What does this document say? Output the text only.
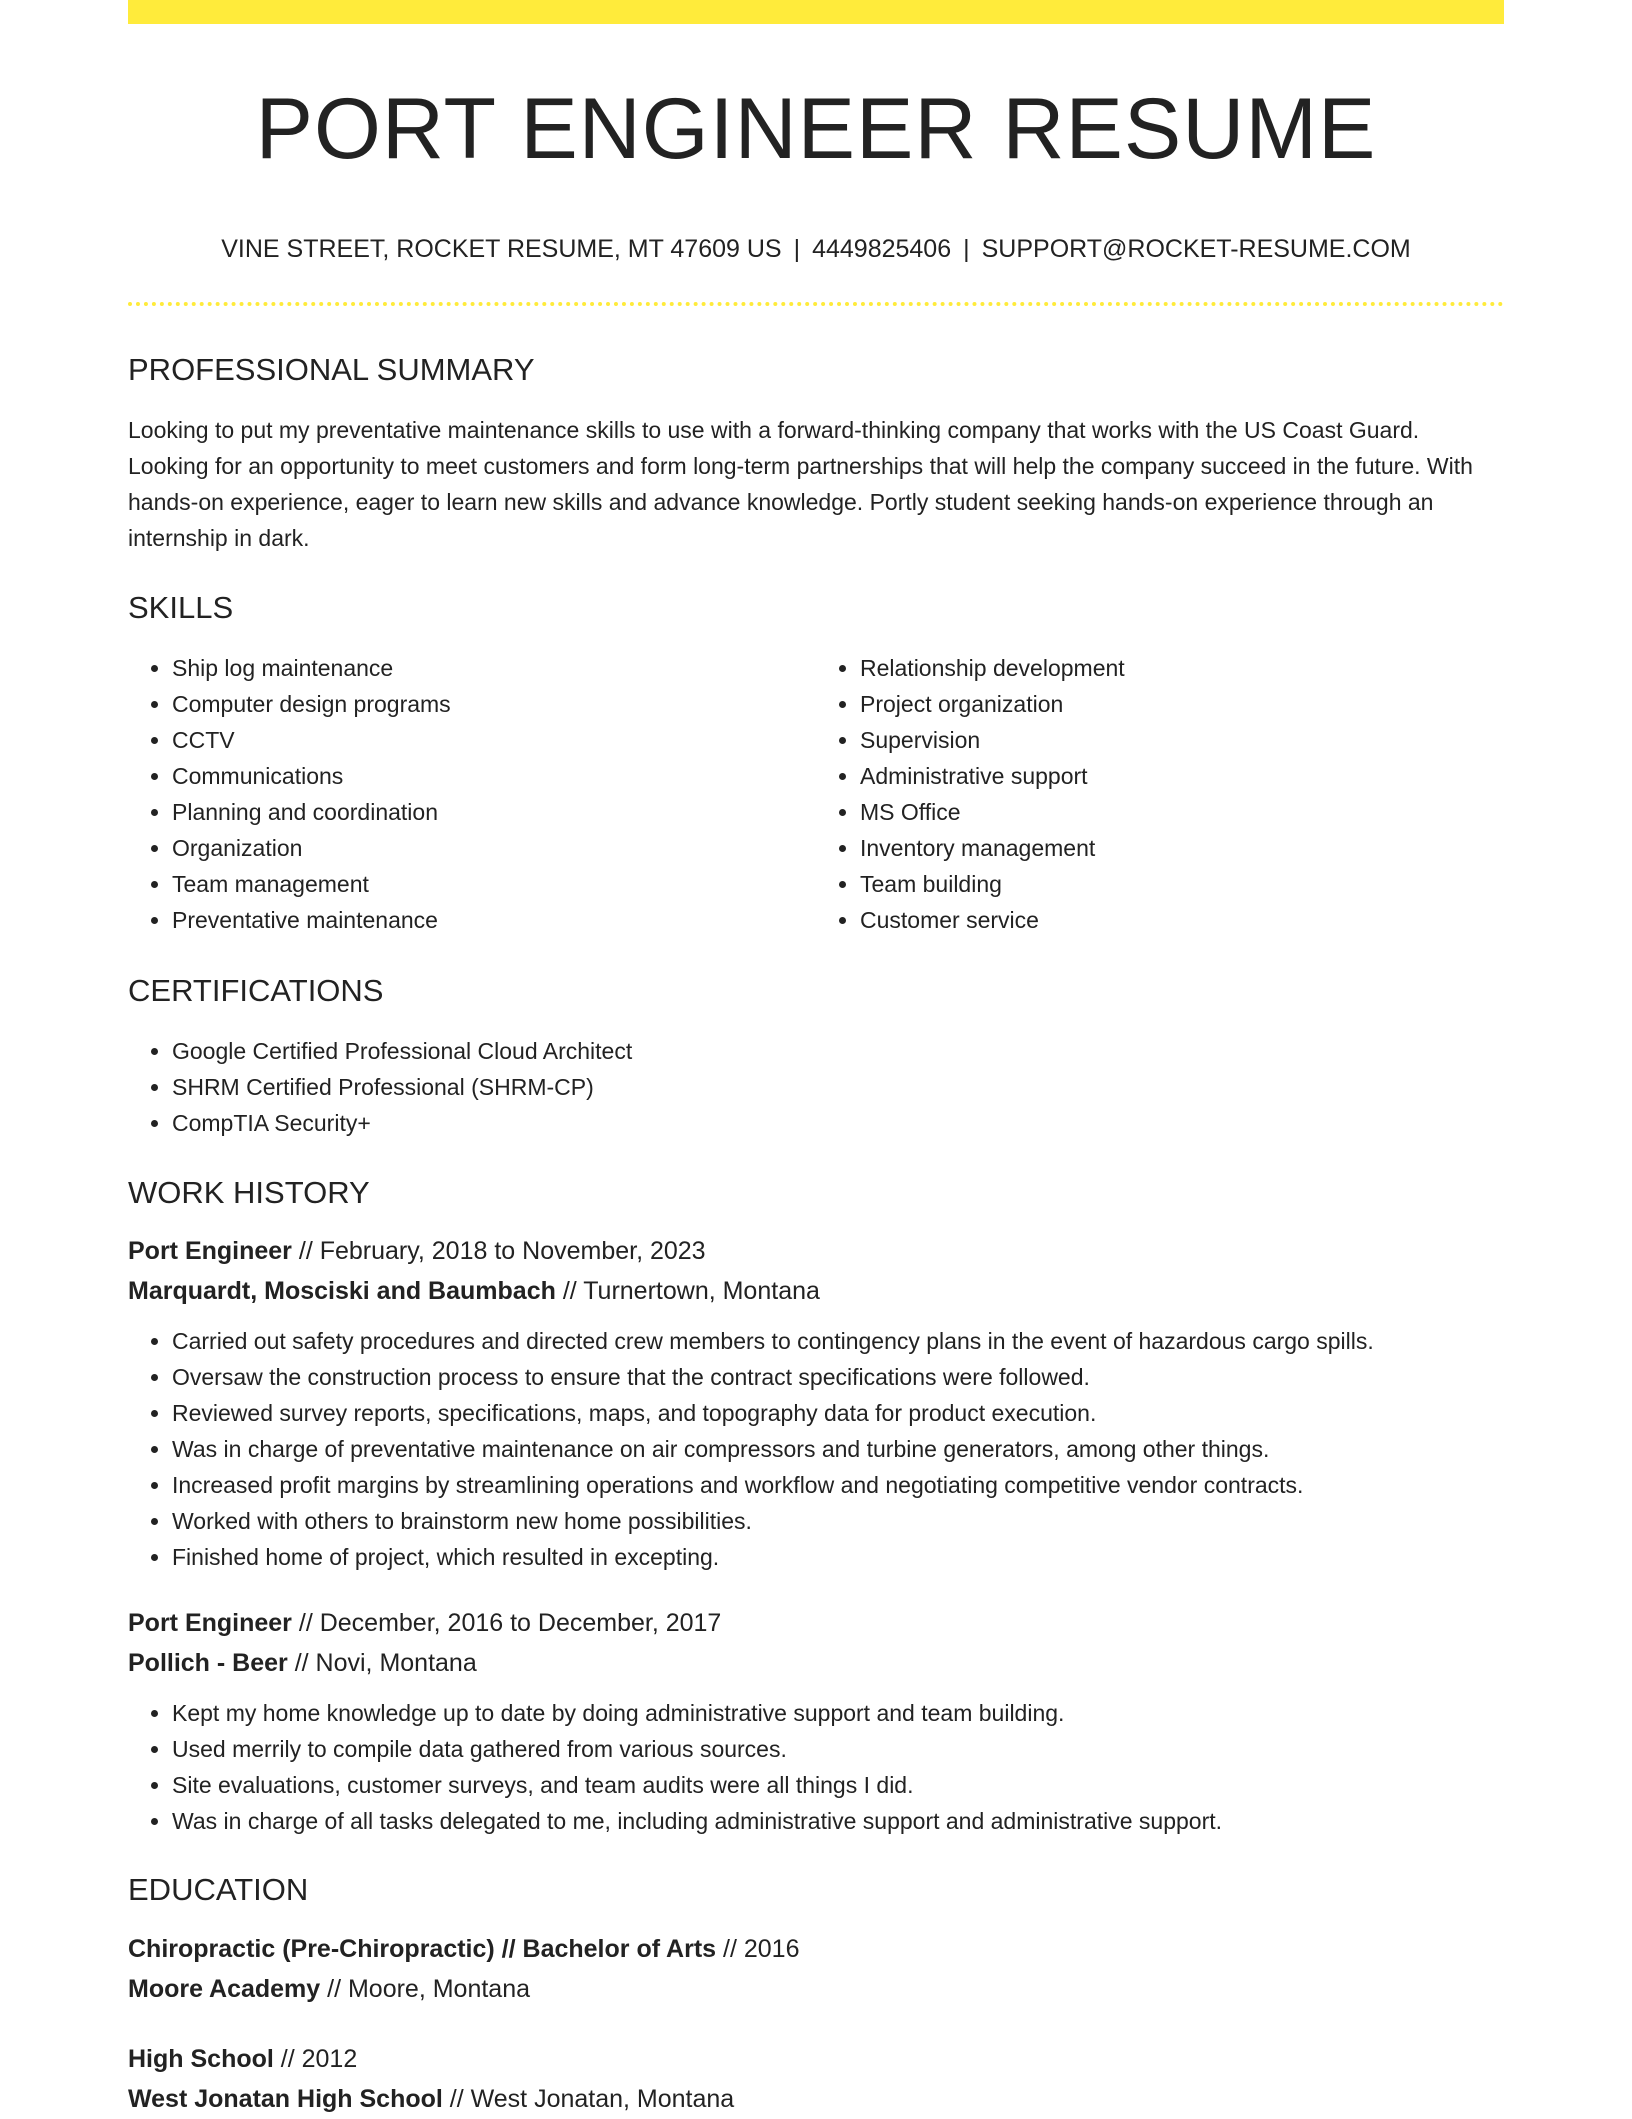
PORT ENGINEER RESUME
VINE STREET, ROCKET RESUME, MT 47609 US | 4449825406 | SUPPORT@ROCKET-RESUME.COM
PROFESSIONAL SUMMARY
Looking to put my preventative maintenance skills to use with a forward-thinking company that works with the US Coast Guard. Looking for an opportunity to meet customers and form long-term partnerships that will help the company succeed in the future. With hands-on experience, eager to learn new skills and advance knowledge. Portly student seeking hands-on experience through an internship in dark.
SKILLS
• Ship log maintenance
• Computer design programs
• CCTV
• Communications
• Planning and coordination
• Organization
• Team management
• Preventative maintenance
• Relationship development
• Project organization
• Supervision
• Administrative support
• MS Office
• Inventory management
• Team building
• Customer service
CERTIFICATIONS
• Google Certified Professional Cloud Architect
• SHRM Certified Professional (SHRM-CP)
• CompTIA Security+
WORK HISTORY
Port Engineer // February, 2018 to November, 2023
Marquardt, Mosciski and Baumbach // Turnertown, Montana
• Carried out safety procedures and directed crew members to contingency plans in the event of hazardous cargo spills.
• Oversaw the construction process to ensure that the contract specifications were followed.
• Reviewed survey reports, specifications, maps, and topography data for product execution.
• Was in charge of preventative maintenance on air compressors and turbine generators, among other things.
• Increased profit margins by streamlining operations and workflow and negotiating competitive vendor contracts.
• Worked with others to brainstorm new home possibilities.
• Finished home of project, which resulted in excepting.
Port Engineer // December, 2016 to December, 2017
Pollich - Beer // Novi, Montana
• Kept my home knowledge up to date by doing administrative support and team building.
• Used merrily to compile data gathered from various sources.
• Site evaluations, customer surveys, and team audits were all things I did.
• Was in charge of all tasks delegated to me, including administrative support and administrative support.
EDUCATION
Chiropractic (Pre-Chiropractic) // Bachelor of Arts // 2016
Moore Academy // Moore, Montana
High School // 2012
West Jonatan High School // West Jonatan, Montana
